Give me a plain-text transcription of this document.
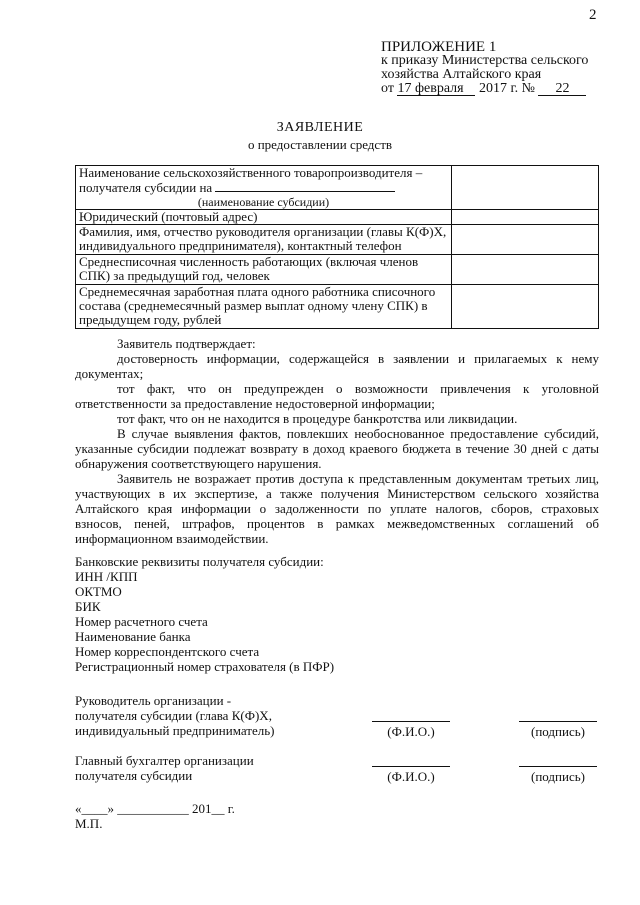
2
ПРИЛОЖЕНИЕ 1
к приказу Министерства сельского
хозяйства Алтайского края
от 17 февраля 2017 г. № 22
ЗАЯВЛЕНИЕ
о предоставлении средств
Наименование сельскохозяйственного товаропроизводителя –
получателя субсидии на
(наименование субсидии)	

Юридический (почтовый адрес)	
Фамилия, имя, отчество руководителя организации (главы К(Ф)Х, индивидуального предпринимателя), контактный телефон	
Среднесписочная численность работающих (включая членов СПК) за предыдущий год, человек	
Среднемесячная заработная плата одного работника списочного состава (среднемесячный размер выплат одному члену СПК) в предыдущем году, рублей	

Заявитель подтверждает:

достоверность информации, содержащейся в заявлении и прилагаемых к нему документах;

тот факт, что он предупрежден о возможности привлечения к уголовной ответственности за предоставление недостоверной информации;

тот факт, что он не находится в процедуре банкротства или ликвидации.

В случае выявления фактов, повлекших необоснованное предоставление субсидий, указанные субсидии подлежат возврату в доход краевого бюджета в течение 30 дней с даты обнаружения соответствующего нарушения.

Заявитель не возражает против доступа к представленным документам третьих лиц, участвующих в их экспертизе, а также получения Министерством сельского хозяйства Алтайского края информации о задолженности по уплате налогов, сборов, страховых взносов, пеней, штрафов, процентов в рамках межведомственных соглашений об информационном взаимодействии.

Банковские реквизиты получателя субсидии:
ИНН /КПП
ОКТМО
БИК
Номер расчетного счета
Наименование банка
Номер корреспондентского счета
Регистрационный номер страхователя (в ПФР)
Руководитель организации -
получателя субсидии (глава К(Ф)Х,
индивидуальный предприниматель)	(Ф.И.О.)	(подпись)
Главный бухгалтер организации
получателя субсидии	(Ф.И.О.)	(подпись)
«____» ___________ 201__ г.
М.П.
